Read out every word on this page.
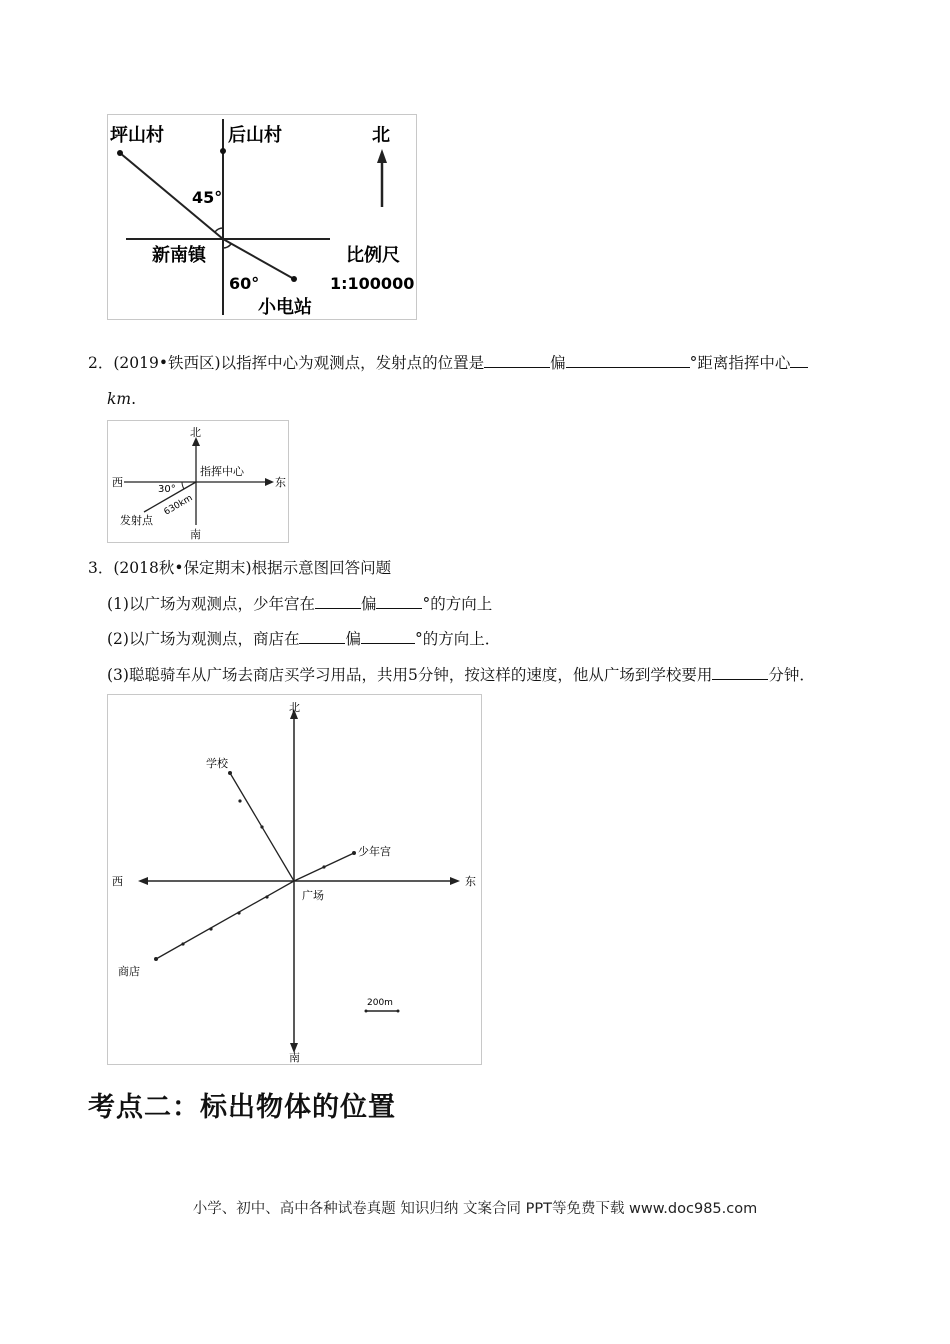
坪山村	后山村	北
45°
新南镇	比例尺
60°	1:100000
小电站
2．(2019•铁西区)以指挥中心为观测点，发射点的位置是	偏	°距离指挥中心
km.
北
西	东
南
指挥中心
30°
630km
发射点
3．(2018秋•保定期末)根据示意图回答问题
(1)以广场为观测点，少年宫在	偏	°的方向上
(2)以广场为观测点，商店在	偏	°的方向上．
(3)聪聪骑车从广场去商店买学习用品，共用5分钟，按这样的速度，他从广场到学校要用	分钟．
北
南
西	东
学校
少年宫
广场
商店
200m
考点二：标出物体的位置
小学、初中、高中各种试卷真题 知识归纳 文案合同 PPT等免费下载 www.doc985.com
